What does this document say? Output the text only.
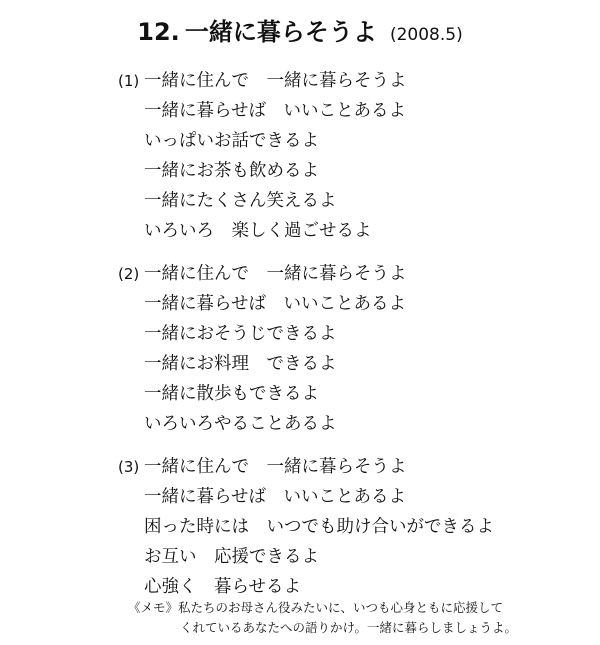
12. 一緒に暮らそうよ (2008.5)
(1) 一緒に住んで　一緒に暮らそうよ
一緒に暮らせば　いいことあるよ
いっぱいお話できるよ
一緒にお茶も飲めるよ
一緒にたくさん笑えるよ
いろいろ　楽しく過ごせるよ
(2) 一緒に住んで　一緒に暮らそうよ
一緒に暮らせば　いいことあるよ
一緒におそうじできるよ
一緒にお料理　できるよ
一緒に散歩もできるよ
いろいろやることあるよ
(3) 一緒に住んで　一緒に暮らそうよ
一緒に暮らせば　いいことあるよ
困った時には　いつでも助け合いができるよ
お互い　応援できるよ
心強く　暮らせるよ
《メモ》私たちのお母さん役みたいに、いつも心身ともに応援して
くれているあなたへの語りかけ。一緒に暮らしましょうよ。
